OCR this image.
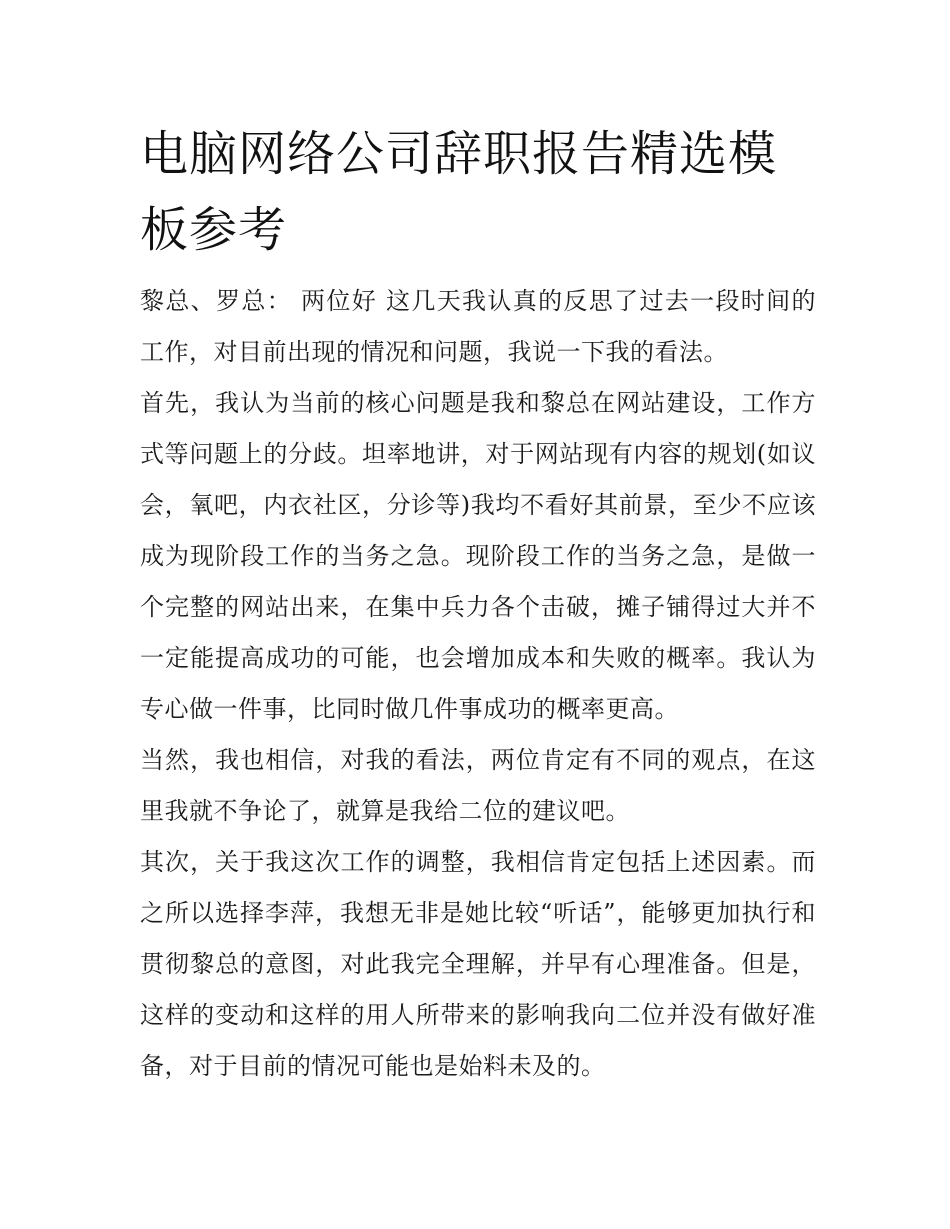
电脑网络公司辞职报告精选模板参考

黎总、罗总： 两位好 这几天我认真的反思了过去一段时间的工作，对目前出现的情况和问题，我说一下我的看法。

首先，我认为当前的核心问题是我和黎总在网站建设，工作方式等问题上的分歧。坦率地讲，对于网站现有内容的规划(如议会，氧吧，内衣社区，分诊等)我均不看好其前景，至少不应该成为现阶段工作的当务之急。现阶段工作的当务之急，是做一个完整的网站出来，在集中兵力各个击破，摊子铺得过大并不一定能提高成功的可能，也会增加成本和失败的概率。我认为专心做一件事，比同时做几件事成功的概率更高。

当然，我也相信，对我的看法，两位肯定有不同的观点，在这里我就不争论了，就算是我给二位的建议吧。

其次，关于我这次工作的调整，我相信肯定包括上述因素。而之所以选择李萍，我想无非是她比较“听话”，能够更加执行和贯彻黎总的意图，对此我完全理解，并早有心理准备。但是，这样的变动和这样的用人所带来的影响我向二位并没有做好准备，对于目前的情况可能也是始料未及的。
